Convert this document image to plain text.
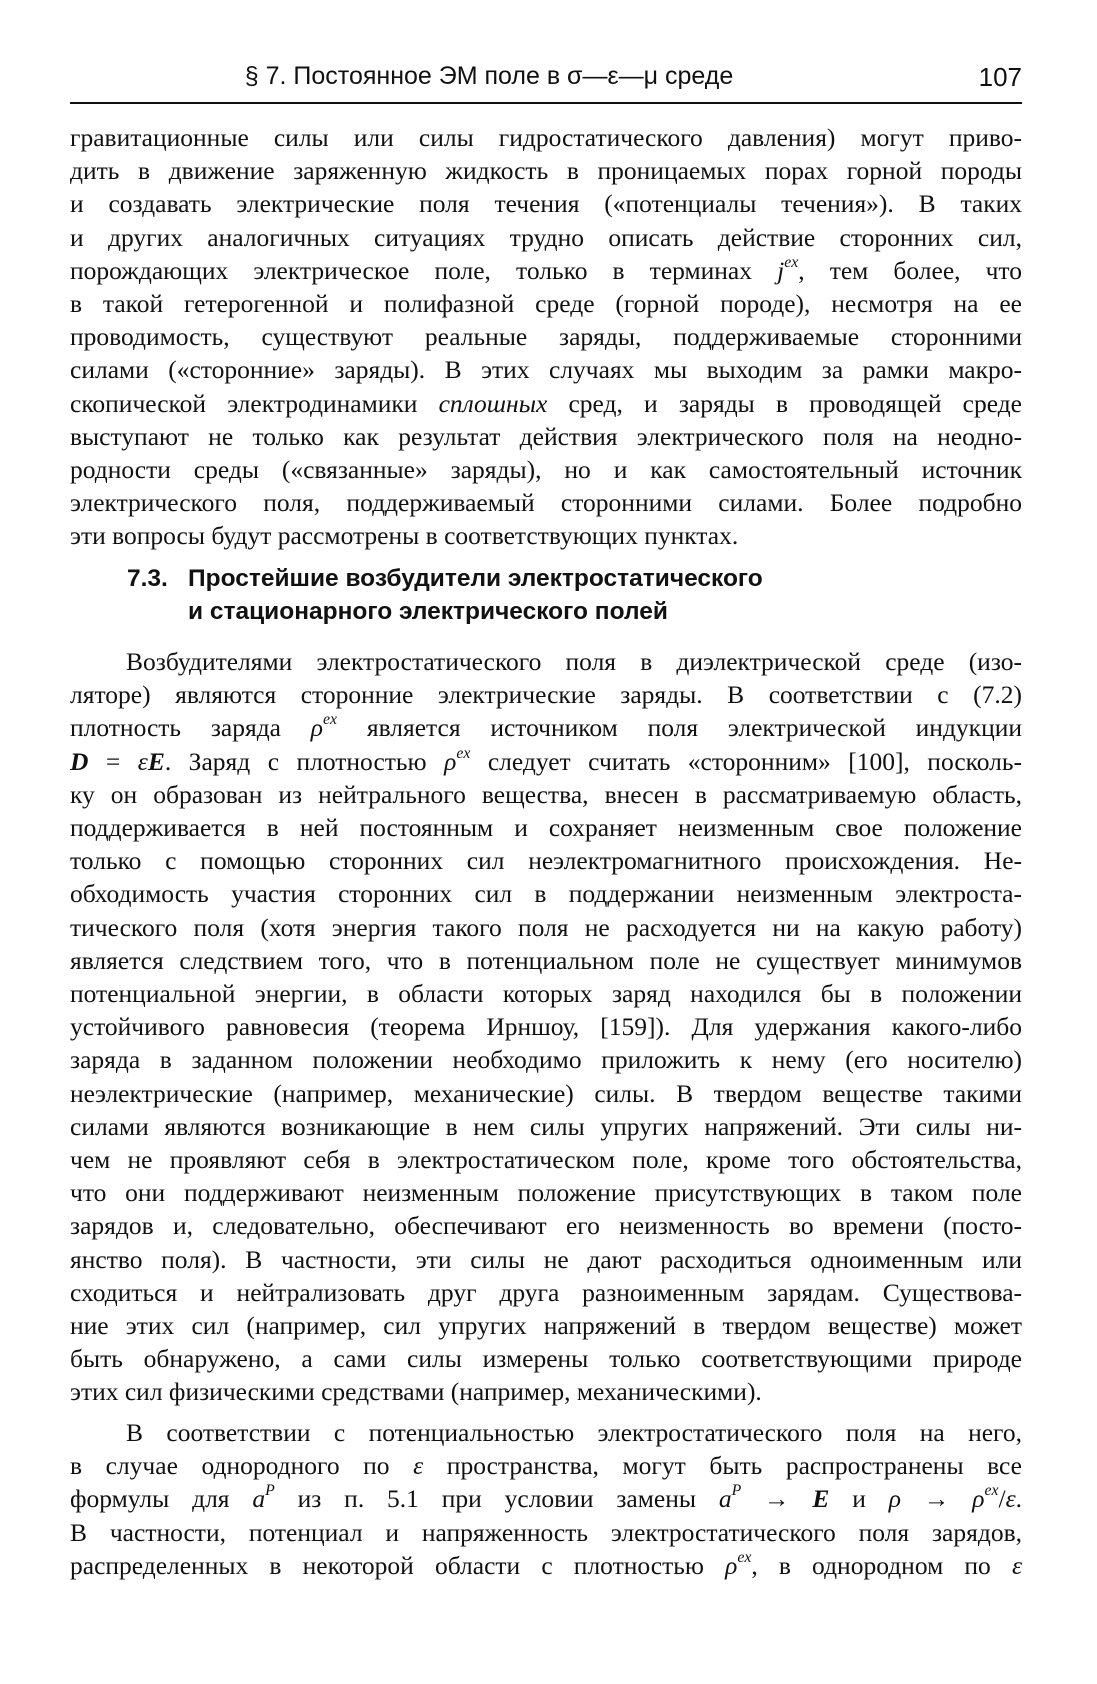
§ 7. Постоянное ЭМ поле в σ—ε—μ среде	107
гравитационные силы или силы гидростатического давления) могут приво-
дить в движение заряженную жидкость в проницаемых порах горной породы
и создавать электрические поля течения («потенциалы течения»). В таких
и других аналогичных ситуациях трудно описать действие сторонних сил,
порождающих электрическое поле, только в терминах $j^{ex}$, тем более, что
в такой гетерогенной и полифазной среде (горной породе), несмотря на ее
проводимость, существуют реальные заряды, поддерживаемые сторонними
силами («сторонние» заряды). В этих случаях мы выходим за рамки макро-
скопической электродинамики сплошных сред, и заряды в проводящей среде
выступают не только как результат действия электрического поля на неодно-
родности среды («связанные» заряды), но и как самостоятельный источник
электрического поля, поддерживаемый сторонними силами. Более подробно
эти вопросы будут рассмотрены в соответствующих пунктах.
7.3. Простейшие возбудители электростатического
и стационарного электрического полей
Возбудителями электростатического поля в диэлектрической среде (изо-
ляторе) являются сторонние электрические заряды. В соответствии с (7.2)
плотность заряда $\rho^{ex}$ является источником поля электрической индукции
D = εE. Заряд с плотностью $\rho^{ex}$ следует считать «сторонним» [100], посколь-
ку он образован из нейтрального вещества, внесен в рассматриваемую область,
поддерживается в ней постоянным и сохраняет неизменным свое положение
только с помощью сторонних сил неэлектромагнитного происхождения. Не-
обходимость участия сторонних сил в поддержании неизменным электроста-
тического поля (хотя энергия такого поля не расходуется ни на какую работу)
является следствием того, что в потенциальном поле не существует минимумов
потенциальной энергии, в области которых заряд находился бы в положении
устойчивого равновесия (теорема Ирншоу, [159]). Для удержания какого-либо
заряда в заданном положении необходимо приложить к нему (его носителю)
неэлектрические (например, механические) силы. В твердом веществе такими
силами являются возникающие в нем силы упругих напряжений. Эти силы ни-
чем не проявляют себя в электростатическом поле, кроме того обстоятельства,
что они поддерживают неизменным положение присутствующих в таком поле
зарядов и, следовательно, обеспечивают его неизменность во времени (посто-
янство поля). В частности, эти силы не дают расходиться одноименным или
сходиться и нейтрализовать друг друга разноименным зарядам. Существова-
ние этих сил (например, сил упругих напряжений в твердом веществе) может
быть обнаружено, а сами силы измерены только соответствующими природе
этих сил физическими средствами (например, механическими).
В соответствии с потенциальностью электростатического поля на него,
в случае однородного по ε пространства, могут быть распространены все
формулы для $a^P$ из п. 5.1 при условии замены $a^P \to E$ и $\rho \to \rho^{ex}/\varepsilon$.
В частности, потенциал и напряженность электростатического поля зарядов,
распределенных в некоторой области с плотностью $\rho^{ex}$, в однородном по ε
